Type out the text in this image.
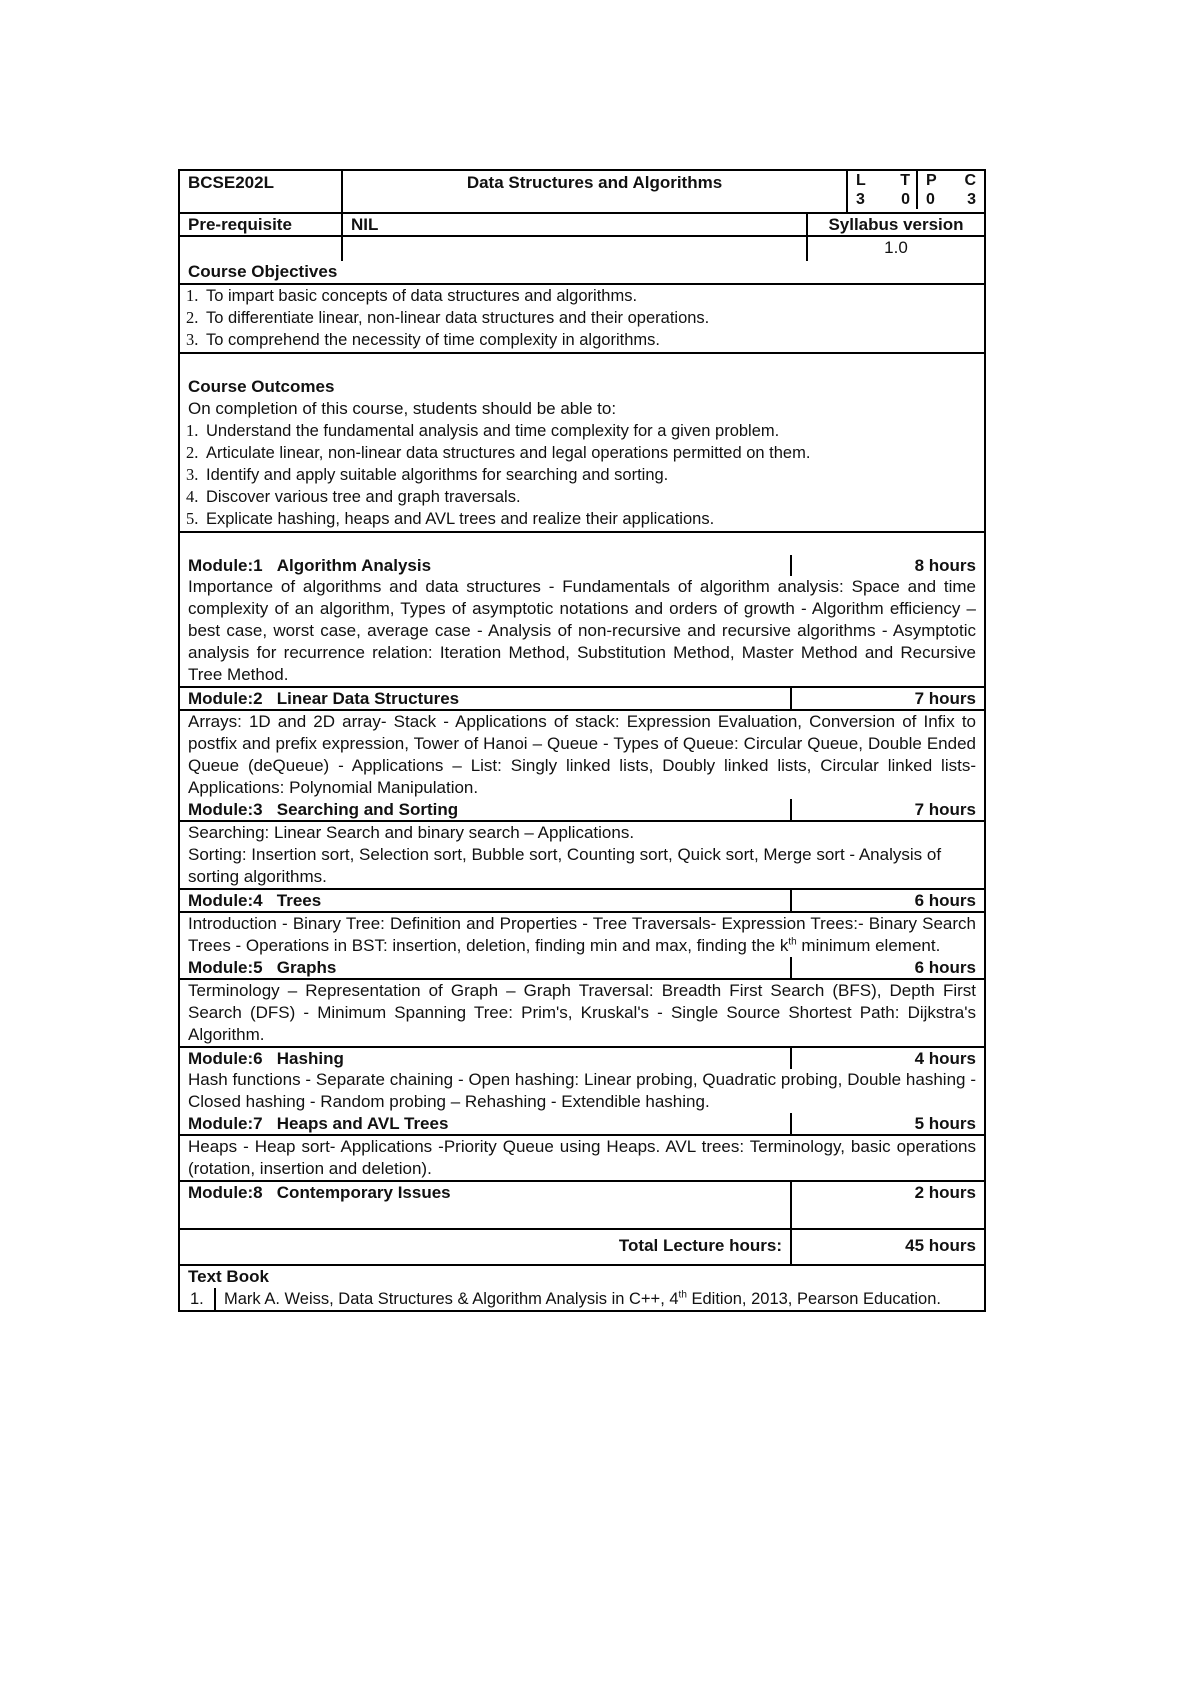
BCSE202L	Data Structures and Algorithms	L	T	P	C
3	0	0	3
Pre-requisite	NIL	Syllabus version
1.0
Course Objectives
1. To impart basic concepts of data structures and algorithms.
2. To differentiate linear, non-linear data structures and their operations.
3. To comprehend the necessity of time complexity in algorithms.
Course Outcomes
On completion of this course, students should be able to:
1. Understand the fundamental analysis and time complexity for a given problem.
2. Articulate linear, non-linear data structures and legal operations permitted on them.
3. Identify and apply suitable algorithms for searching and sorting.
4. Discover various tree and graph traversals.
5. Explicate hashing, heaps and AVL trees and realize their applications.
Module:1 Algorithm Analysis	8 hours
Importance of algorithms and data structures - Fundamentals of algorithm analysis: Space and time complexity of an algorithm, Types of asymptotic notations and orders of growth - Algorithm efficiency – best case, worst case, average case - Analysis of non-recursive and recursive algorithms - Asymptotic analysis for recurrence relation: Iteration Method, Substitution Method, Master Method and Recursive Tree Method.
Module:2 Linear Data Structures	7 hours
Arrays: 1D and 2D array- Stack - Applications of stack: Expression Evaluation, Conversion of Infix to postfix and prefix expression, Tower of Hanoi – Queue - Types of Queue: Circular Queue, Double Ended Queue (deQueue) - Applications – List: Singly linked lists, Doubly linked lists, Circular linked lists- Applications: Polynomial Manipulation.
Module:3 Searching and Sorting	7 hours
Searching: Linear Search and binary search – Applications.
Sorting: Insertion sort, Selection sort, Bubble sort, Counting sort, Quick sort, Merge sort - Analysis of sorting algorithms.
Module:4 Trees	6 hours
Introduction - Binary Tree: Definition and Properties - Tree Traversals- Expression Trees:- Binary Search Trees - Operations in BST: insertion, deletion, finding min and max, finding the $k^{th}$ minimum element.
Module:5 Graphs	6 hours
Terminology – Representation of Graph – Graph Traversal: Breadth First Search (BFS), Depth First Search (DFS) - Minimum Spanning Tree: Prim's, Kruskal's - Single Source Shortest Path: Dijkstra's Algorithm.
Module:6 Hashing	4 hours
Hash functions - Separate chaining - Open hashing: Linear probing, Quadratic probing, Double hashing - Closed hashing - Random probing – Rehashing - Extendible hashing.
Module:7 Heaps and AVL Trees	5 hours
Heaps - Heap sort- Applications -Priority Queue using Heaps. AVL trees: Terminology, basic operations (rotation, insertion and deletion).
Module:8 Contemporary Issues	2 hours
Total Lecture hours:	45 hours
Text Book
1.	Mark A. Weiss, Data Structures & Algorithm Analysis in C++, 4th Edition, 2013, Pearson Education.
